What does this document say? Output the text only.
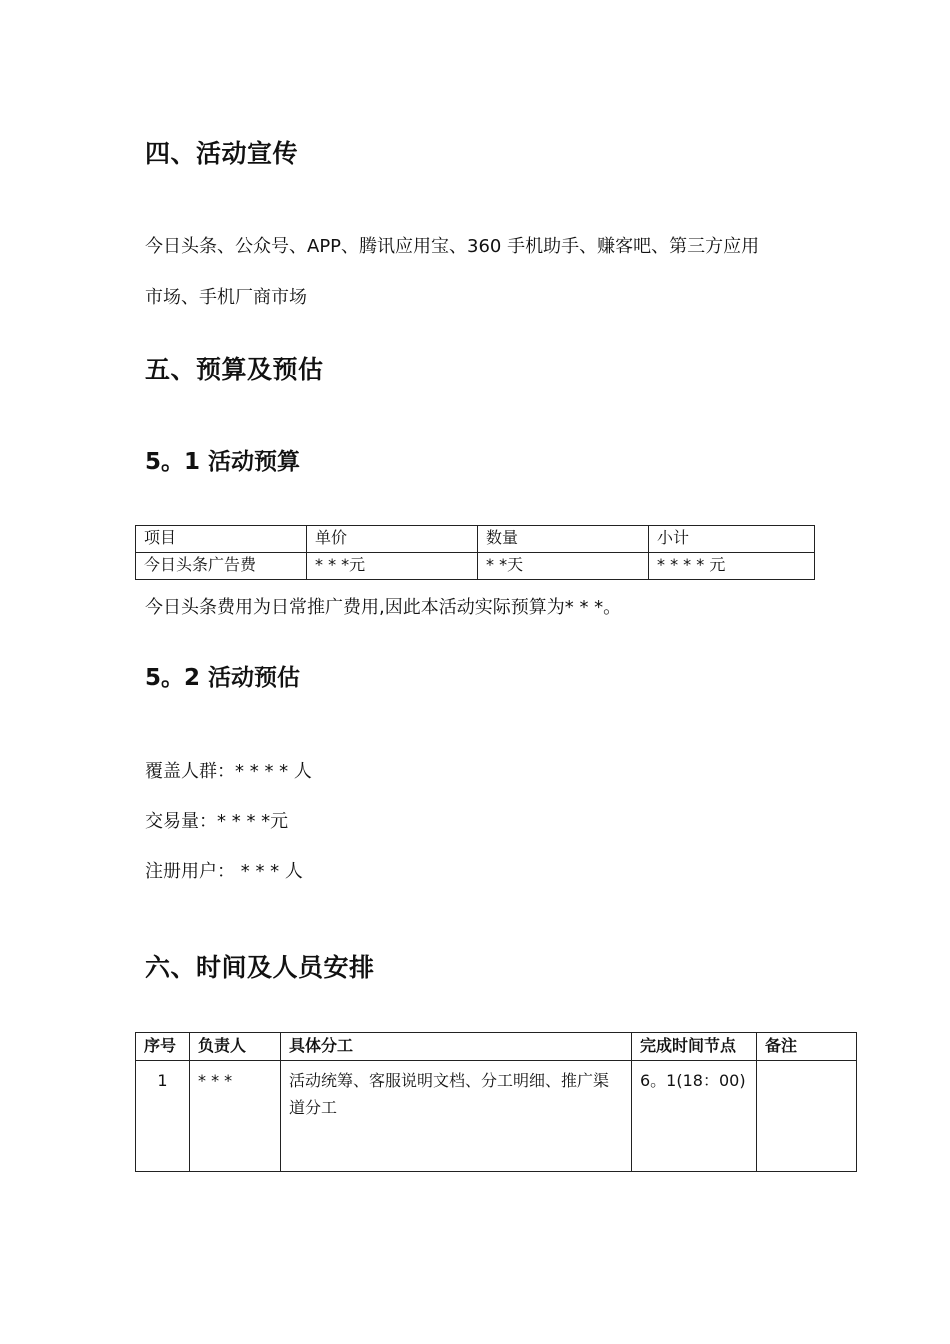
四、活动宣传
今日头条、公众号、APP、腾讯应用宝、360 手机助手、赚客吧、第三方应用
市场、手机厂商市场
五、预算及预估
5。1 活动预算
项目	单价	数量	小计
今日头条广告费	* * *元	* *天	* * * * 元
今日头条费用为日常推广费用,因此本活动实际预算为* * *。
5。2 活动预估
覆盖人群：* * * * 人
交易量：* * * *元
注册用户： * * * 人
六、时间及人员安排
序号	负责人	具体分工	完成时间节点	备注
1	* * *	活动统筹、客服说明文档、分工明细、推广渠道分工	6。1(18：00)	
